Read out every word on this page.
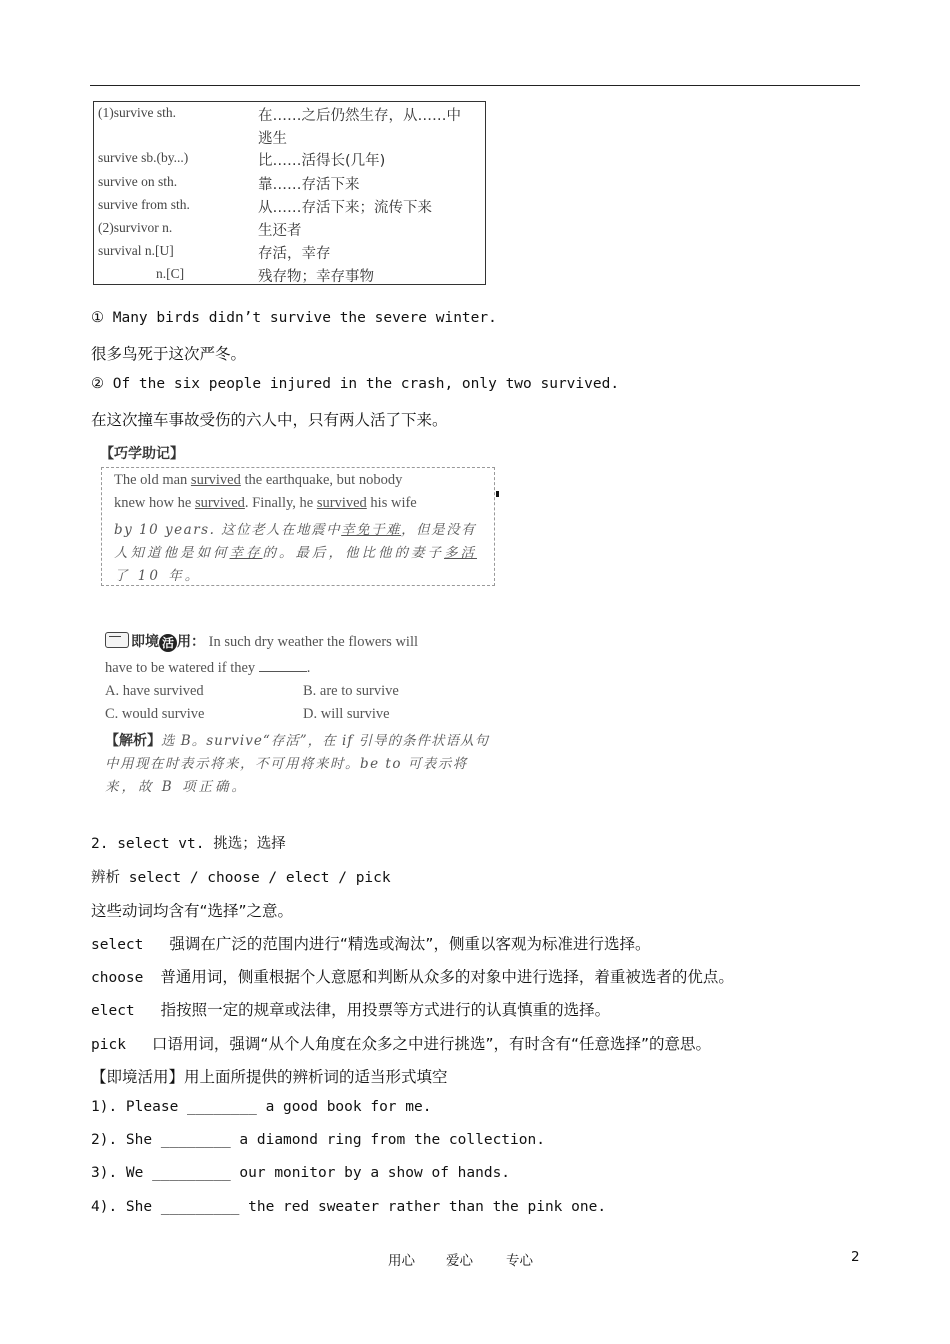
(1)survive sth.	在……之后仍然生存，从……中
逃生
survive sb.(by...)	比……活得长(几年)
survive on sth.	靠……存活下来
survive from sth.	从……存活下来；流传下来
(2)survivor n.	生还者
survival n.[U]	存活，幸存
n.[C]	残存物；幸存事物
① Many birds didn’t survive the severe winter.
很多鸟死于这次严冬。
② Of the six people injured in the crash, only two survived.
在这次撞车事故受伤的六人中，只有两人活了下来。
【巧学助记】
The old man survived the earthquake, but nobody
knew how he survived. Finally, he survived his wife
by 10 years. 这位老人在地震中幸免于难，但是没有
人知道他是如何幸存的。最后，他比他的妻子多活
了 10 年。
即境 活 用： In such dry weather the flowers will
have to be watered if they	.
A. have survived	B. are to survive
C. would survive	D. will survive
【解析】选 B。survive“存活”，在 if 引导的条件状语从句
中用现在时表示将来，不可用将来时。be to 可表示将
来，故 B 项正确。
2. select vt. 挑选；选择
辨析 select / choose / elect / pick
这些动词均含有“选择”之意。
select 强调在广泛的范围内进行“精选或淘汰”，侧重以客观为标准进行选择。
choose 普通用词，侧重根据个人意愿和判断从众多的对象中进行选择，着重被选者的优点。
elect 指按照一定的规章或法律，用投票等方式进行的认真慎重的选择。
pick 口语用词，强调“从个人角度在众多之中进行挑选”，有时含有“任意选择”的意思。
【即境活用】用上面所提供的辨析词的适当形式填空
1). Please ________ a good book for me.
2). She ________ a diamond ring from the collection.
3). We _________ our monitor by a show of hands.
4). She _________ the red sweater rather than the pink one.
用心 爱心 专心	2
